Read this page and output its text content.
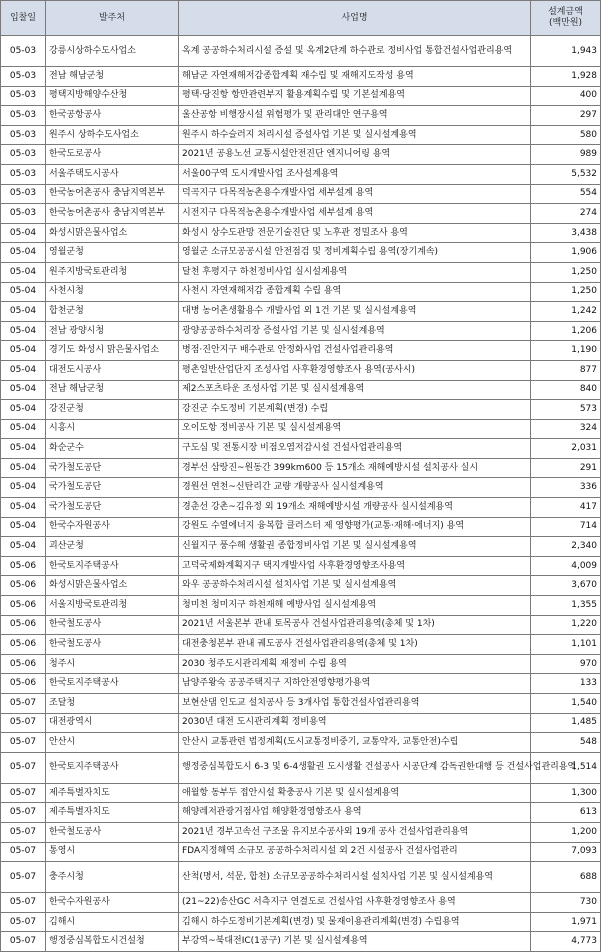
입찰일	발주처	사업명	설계금액
(백만원)

05-03	강릉시상하수도사업소	옥계 공공하수처리시설 증설 및 옥계2단계 하수관로 정비사업 통합건설사업관리용역	1,943
05-03	전남 해남군청	해남군 자연재해저감종합계획 재수립 및 재해지도작성 용역	1,928
05-03	평택지방해양수산청	평택·당진항 항만관련부지 활용계획수립 및 기본설계용역	400
05-03	한국공항공사	울산공항 비행장시설 위험평가 및 관리대안 연구용역	297
05-03	원주시 상하수도사업소	원주시 하수슬러지 처리시설 증설사업 기본 및 실시설계용역	580
05-03	한국도로공사	2021년 공용노선 교통시설안전진단 엔지니어링 용역	989
05-03	서울주택도시공사	서울00구역 도시개발사업 조사설계용역	5,532
05-03	한국농어촌공사 충남지역본부	덕곡지구 다목적농촌용수개발사업 세부설계 용역	554
05-03	한국농어촌공사 충남지역본부	시전지구 다목적농촌용수개발사업 세부설계 용역	274
05-04	화성시맑은물사업소	화성시 상수도관망 전문기술진단 및 노후관 정밀조사 용역	3,438
05-04	영월군청	영월군 소규모공공시설 안전점검 및 정비계획수립 용역(장기계속)	1,906
05-04	원주지방국토관리청	달천 후평지구 하천정비사업 실시설계용역	1,250
05-04	사천시청	사천시 자연재해저감 종합계획 수립 용역	1,250
05-04	합천군청	대병 농어촌생활용수 개발사업 외 1건 기본 및 실시설계용역	1,242
05-04	전남 광양시청	광양공공하수처리장 증설사업 기본 및 실시설계용역	1,206
05-04	경기도 화성시 맑은물사업소	병점·진안지구 배수관로 안정화사업 건설사업관리용역	1,190
05-04	대전도시공사	평촌일반산업단지 조성사업 사후환경영향조사 용역(공사시)	877
05-04	전남 해남군청	제2스포츠타운 조성사업 기본 및 실시설계용역	840
05-04	강진군청	강진군 수도정비 기본계획(변경) 수립	573
05-04	시흥시	오이도항 정비공사 기본 및 실시설계용역	324
05-04	화순군수	구도심 및 전통시장 비점오염저감시설 건설사업관리용역	2,031
05-04	국가철도공단	경부선 삼랑진~원동간 399km600 등 15개소 재해예방시설 설치공사 실시	291
05-04	국가철도공단	경원선 연천~신탄리간 교량 개량공사 실시설계용역	336
05-04	국가철도공단	경춘선 강촌~김유정 외 19개소 재해예방시설 개량공사 실시설계용역	417
05-04	한국수자원공사	강원도 수열에너지 융복합 클러스터 제 영향평가(교통·재해·에너지) 용역	714
05-04	괴산군청	신월지구 풍수해 생활권 종합정비사업 기본 및 실시설계용역	2,340
05-06	한국토지주택공사	고덕국제화계획지구 택지개발사업 사후환경영향조사용역	4,009
05-06	화성시맑은물사업소	와우 공공하수처리시설 설치사업 기본 및 실시설계용역	3,670
05-06	서울지방국토관리청	청미천 청미지구 하천재해 예방사업 실시설계용역	1,355
05-06	한국철도공사	2021년 서울본부 관내 토목공사 건설사업관리용역(총체 및 1차)	1,220
05-06	한국철도공사	대전충청본부 관내 궤도공사 건설사업관리용역(총체 및 1차)	1,101
05-06	청주시	2030 청주도시관리계획 재정비 수립 용역	970
05-06	한국토지주택공사	남양주왕숙 공공주택지구 지하안전영향평가용역	133
05-07	조달청	보현산댐 인도교 설치공사 등 3개사업 통합건설사업관리용역	1,540
05-07	대전광역시	2030년 대전 도시관리계획 정비용역	1,485
05-07	안산시	안산시 교통관련 법정계획(도시교통정비중기, 교통약자, 교통안전)수립	548
05-07	한국토지주택공사	행정중심복합도시 6-3 및 6-4생활권 도시생활 건설공사 시공단계 감독권한대행 등 건설사업관리용역	1,514
05-07	제주특별자치도	애월항 동부두 접안시설 확충공사 기본 및 실시설계용역	1,300
05-07	제주특별자치도	해양레저관광거점사업 해양환경영향조사 용역	613
05-07	한국철도공사	2021년 경부고속선 구조물 유지보수공사외 19개 공사 건설사업관리용역	1,200
05-07	통영시	FDA지정해역 소규모 공공하수처리시설 외 2건 시설공사 건설사업관리	7,093
05-07	충주시청	산척(명서, 석문, 합천) 소규모공공하수처리시설 설치사업 기본 및 실시설계용역	688
05-07	한국수자원공사	(21~22)송산GC 서측지구 연결도로 건설사업 사후환경영향조사 용역	730
05-07	김해시	김해시 하수도정비기본계획(변경) 및 물재이용관리계획(변경) 수립용역	1,971
05-07	행정중심복합도시건설청	부강역~북대전IC(1공구) 기본 및 실시설계용역	4,773
